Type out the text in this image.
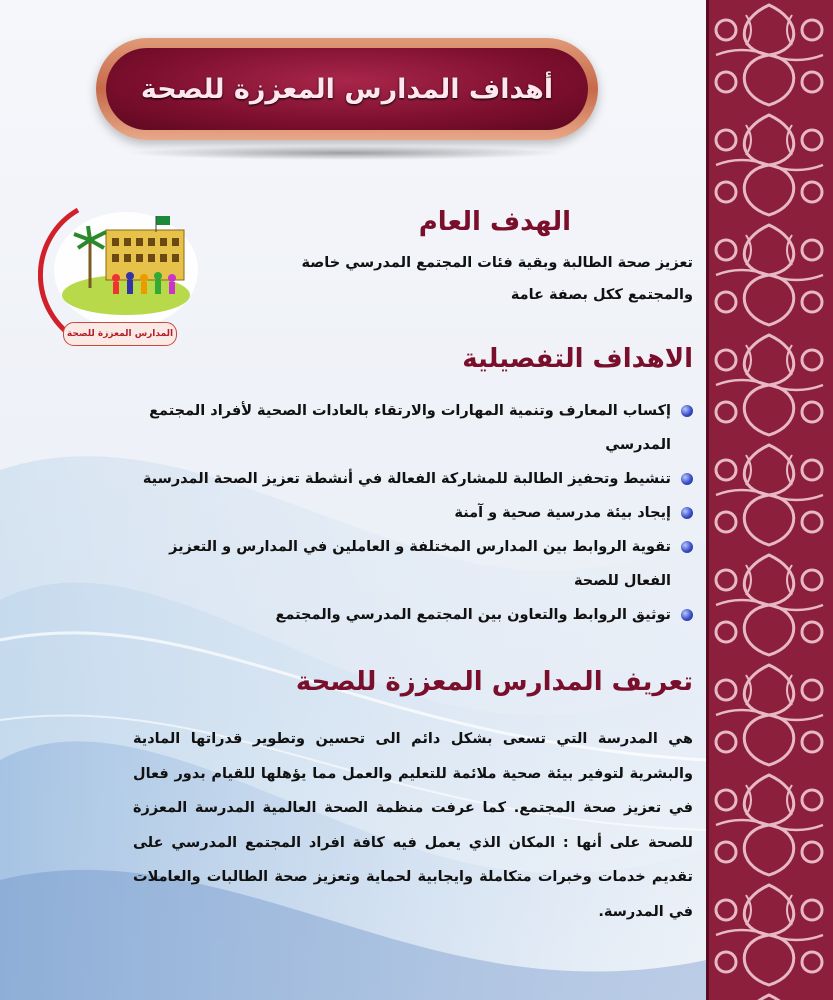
أهداف المدارس المعززة للصحة
المدارس المعززة للصحة
الهدف العام
تعزيز صحة الطالبة وبقية فئات المجتمع المدرسي خاصة
والمجتمع ككل بصفة عامة
الاهداف التفصيلية
إكساب المعارف وتنمية المهارات والارتقاء بالعادات الصحية لأفراد المجتمع المدرسي
تنشيط وتحفيز الطالبة للمشاركة الفعالة في أنشطة تعزيز الصحة المدرسية
إيجاد بيئة مدرسية صحية و آمنة
تقوية الروابط بين المدارس المختلفة و العاملين في المدارس و التعزيز الفعال للصحة
توثيق الروابط والتعاون بين المجتمع المدرسي والمجتمع
تعريف المدارس المعززة للصحة

هي المدرسة التي تسعى بشكل دائم الى تحسين وتطوير قدراتها المادية والبشرية لتوفير بيئة صحية ملائمة للتعليم والعمل مما يؤهلها للقيام بدور فعال في تعزيز صحة المجتمع. كما عرفت منظمة الصحة العالمية المدرسة المعززة للصحة على أنها : المكان الذي يعمل فيه كافة افراد المجتمع المدرسي على تقديم خدمات وخبرات متكاملة وايجابية لحماية وتعزيز صحة الطالبات والعاملات في المدرسة.
